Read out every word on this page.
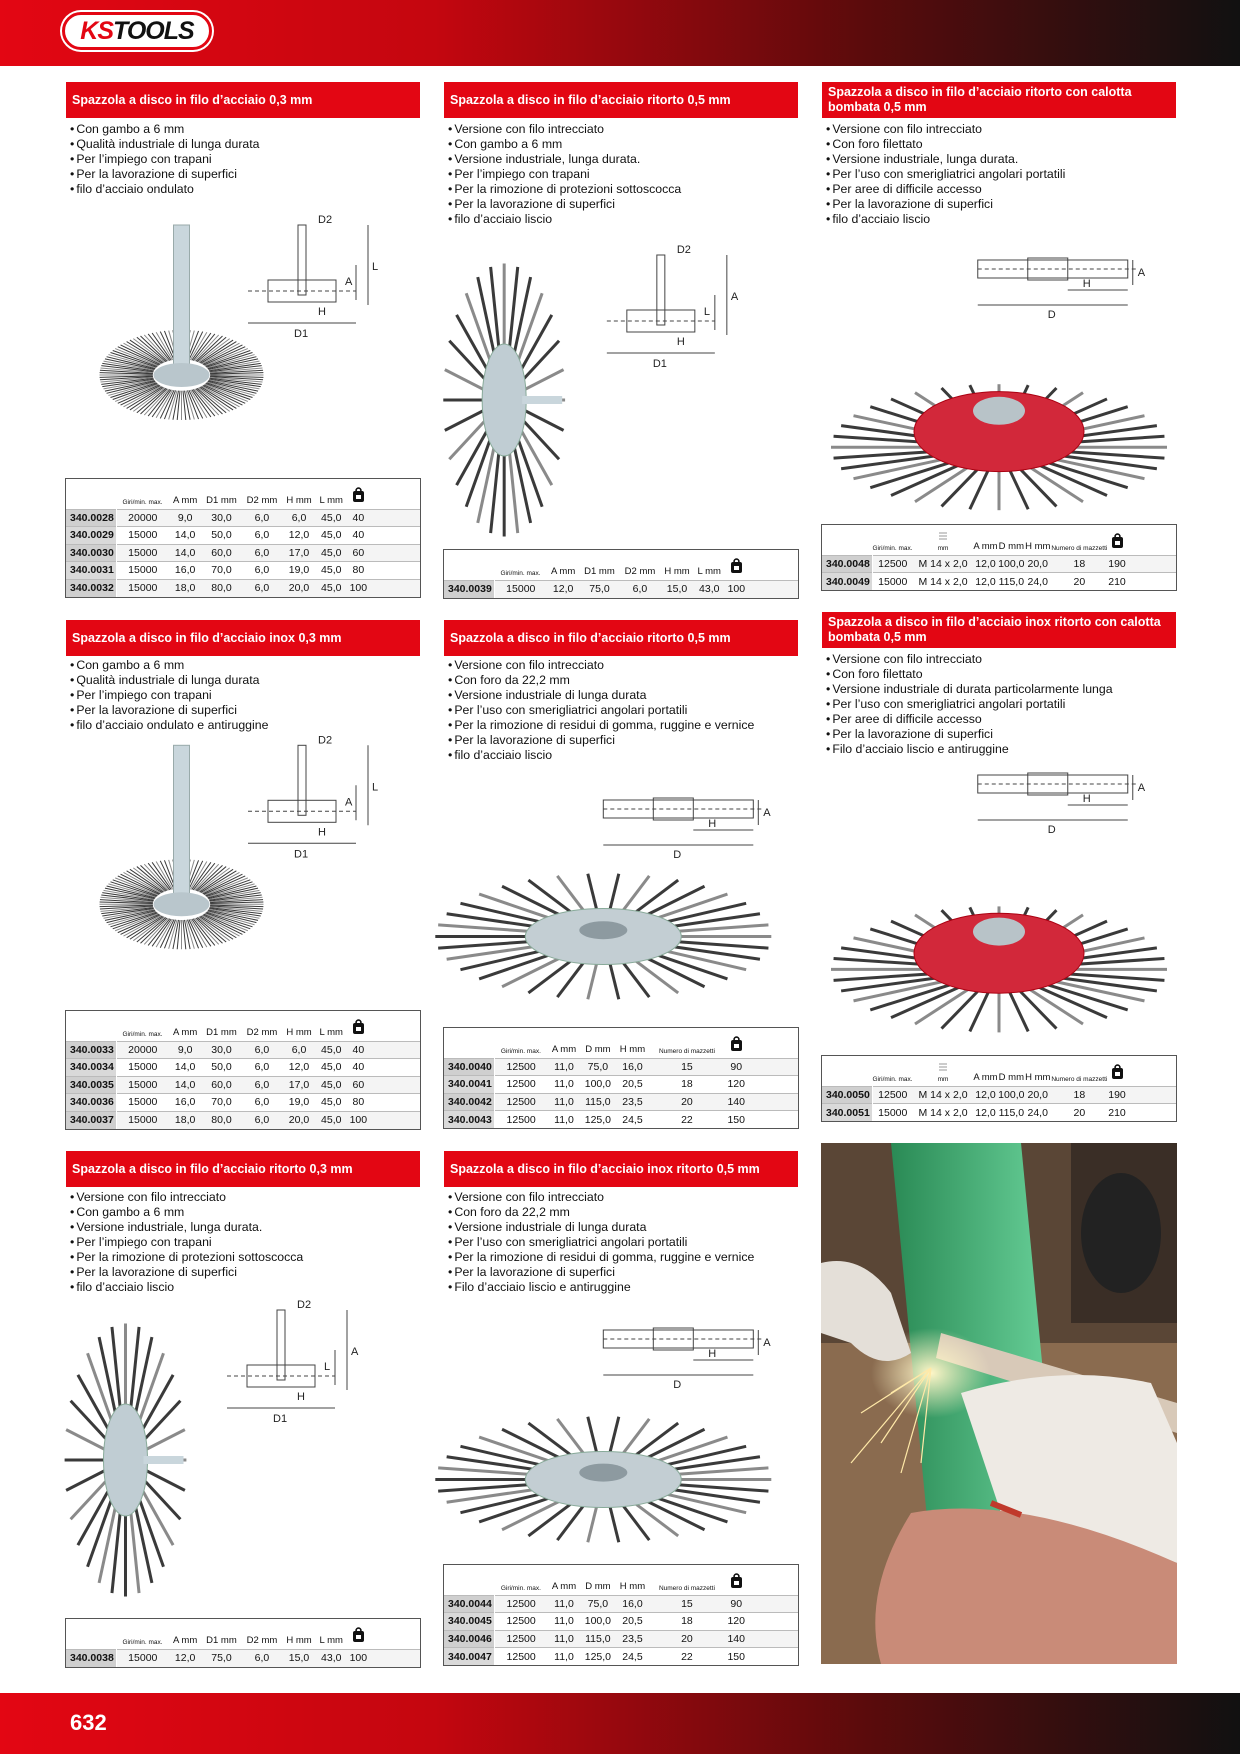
KSTOOLS
Spazzola a disco in filo d’acciaio 0,3 mm	Spazzola a disco in filo d’acciaio ritorto 0,5 mm
Spazzola a disco in filo d’acciaio ritorto con calotta bombata 0,5 mm
Spazzola a disco in filo d’acciaio inox 0,3 mm	Spazzola a disco in filo d’acciaio ritorto 0,5 mm
Spazzola a disco in filo d’acciaio inox ritorto con calotta bombata 0,5 mm
Spazzola a disco in filo d’acciaio ritorto 0,3 mm	Spazzola a disco in filo d’acciaio inox ritorto 0,5 mm
• Con gambo a 6 mm
• Qualità industriale di lunga durata
• Per l’impiego con trapani
• Per la lavorazione di superfici
• filo d’acciaio ondulato
• Versione con filo intrecciato
• Con gambo a 6 mm
• Versione industriale, lunga durata.
• Per l’impiego con trapani
• Per la rimozione di protezioni sottoscocca
• Per la lavorazione di superfici
• filo d’acciaio liscio
• Versione con filo intrecciato
• Con foro filettato
• Versione industriale, lunga durata.
• Per l’uso con smerigliatrici angolari portatili
• Per aree di difficile accesso
• Per la lavorazione di superfici
• filo d’acciaio liscio
• Con gambo a 6 mm
• Qualità industriale di lunga durata
• Per l’impiego con trapani
• Per la lavorazione di superfici
• filo d’acciaio ondulato e antiruggine
• Versione con filo intrecciato
• Con foro da 22,2 mm
• Versione industriale di lunga durata
• Per l’uso con smerigliatrici angolari portatili
• Per la rimozione di residui di gomma, ruggine e vernice
• Per la lavorazione di superfici
• filo d’acciaio liscio
• Versione con filo intrecciato
• Con foro filettato
• Versione industriale di durata particolarmente lunga
• Per l’uso con smerigliatrici angolari portatili
• Per aree di difficile accesso
• Per la lavorazione di superfici
• Filo d’acciaio liscio e antiruggine
• Versione con filo intrecciato
• Con gambo a 6 mm
• Versione industriale, lunga durata.
• Per l’impiego con trapani
• Per la rimozione di protezioni sottoscocca
• Per la lavorazione di superfici
• filo d’acciaio liscio
• Versione con filo intrecciato
• Con foro da 22,2 mm
• Versione industriale di lunga durata
• Per l’uso con smerigliatrici angolari portatili
• Per la rimozione di residui di gomma, ruggine e vernice
• Per la lavorazione di superfici
• Filo d’acciaio liscio e antiruggine
D2
L
A
H
D1
D2
A
L
H
D1
A
H
D
D2
L
A
H
D1
A
H
D
A
H
D
D2
A
L
H
D1
A
H
D
	Giri/min. max.	A mm	D1 mm	D2 mm	H mm	L mm		
340.0028	20000	9,0	30,0	6,0	6,0	45,0	40	
340.0029	15000	14,0	50,0	6,0	12,0	45,0	40	
340.0030	15000	14,0	60,0	6,0	17,0	45,0	60	
340.0031	15000	16,0	70,0	6,0	19,0	45,0	80	
340.0032	15000	18,0	80,0	6,0	20,0	45,0	100	
	Giri/min. max.	A mm	D1 mm	D2 mm	H mm	L mm		
340.0039	15000	12,0	75,0	6,0	15,0	43,0	100	
	Giri/min. max.	mm	A mm	D mm	H mm	Numero di mazzetti		
340.0048	12500	M 14 x 2,0	12,0	100,0	20,0	18	190	
340.0049	15000	M 14 x 2,0	12,0	115,0	24,0	20	210	
	Giri/min. max.	A mm	D1 mm	D2 mm	H mm	L mm		
340.0033	20000	9,0	30,0	6,0	6,0	45,0	40	
340.0034	15000	14,0	50,0	6,0	12,0	45,0	40	
340.0035	15000	14,0	60,0	6,0	17,0	45,0	60	
340.0036	15000	16,0	70,0	6,0	19,0	45,0	80	
340.0037	15000	18,0	80,0	6,0	20,0	45,0	100	
	Giri/min. max.	A mm	D mm	H mm	Numero di mazzetti		
340.0040	12500	11,0	75,0	16,0	15	90	
340.0041	12500	11,0	100,0	20,5	18	120	
340.0042	12500	11,0	115,0	23,5	20	140	
340.0043	12500	11,0	125,0	24,5	22	150	
	Giri/min. max.	mm	A mm	D mm	H mm	Numero di mazzetti		
340.0050	12500	M 14 x 2,0	12,0	100,0	20,0	18	190	
340.0051	15000	M 14 x 2,0	12,0	115,0	24,0	20	210	
	Giri/min. max.	A mm	D1 mm	D2 mm	H mm	L mm		
340.0038	15000	12,0	75,0	6,0	15,0	43,0	100	
	Giri/min. max.	A mm	D mm	H mm	Numero di mazzetti		
340.0044	12500	11,0	75,0	16,0	15	90	
340.0045	12500	11,0	100,0	20,5	18	120	
340.0046	12500	11,0	115,0	23,5	20	140	
340.0047	12500	11,0	125,0	24,5	22	150	
632
